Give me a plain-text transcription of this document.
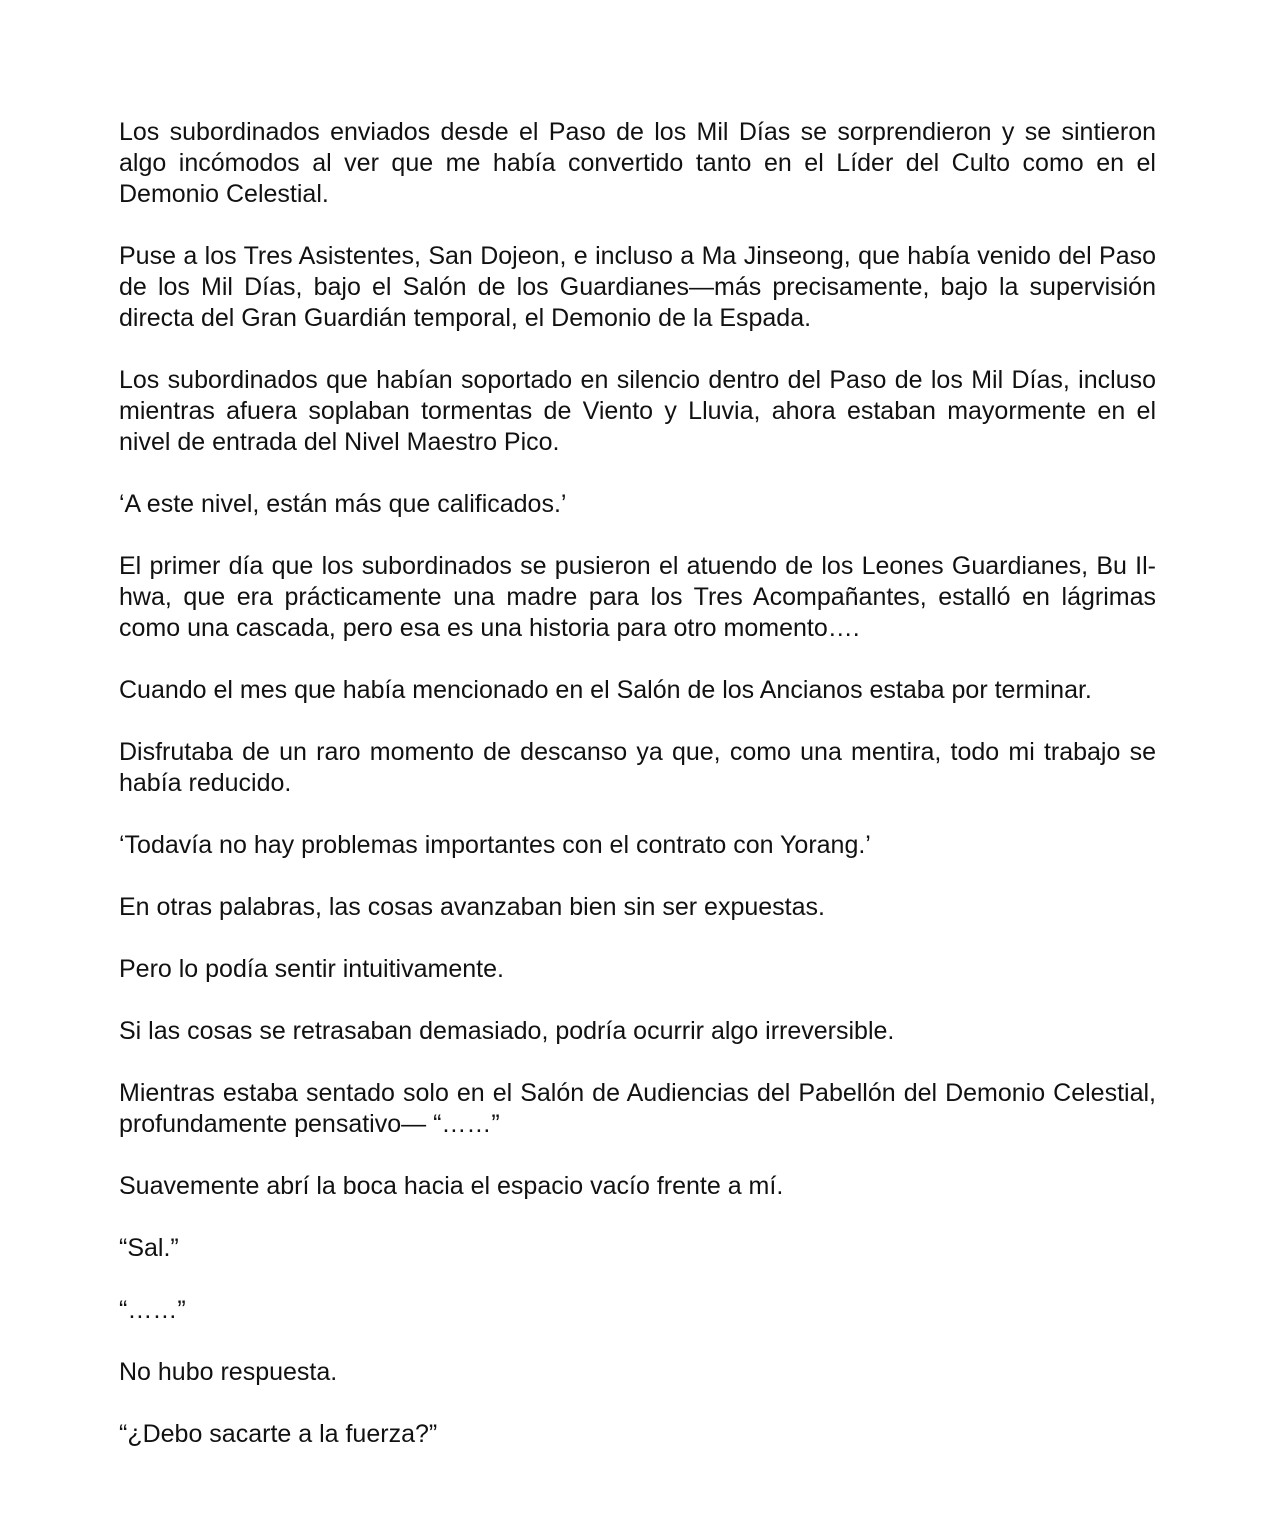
Los subordinados enviados desde el Paso de los Mil Días se sorprendieron y se sintieron algo incómodos al ver que me había convertido tanto en el Líder del Culto como en el Demonio Celestial.

Puse a los Tres Asistentes, San Dojeon, e incluso a Ma Jinseong, que había venido del Paso de los Mil Días, bajo el Salón de los Guardianes—más precisamente, bajo la supervisión directa del Gran Guardián temporal, el Demonio de la Espada.

Los subordinados que habían soportado en silencio dentro del Paso de los Mil Días, incluso mientras afuera soplaban tormentas de Viento y Lluvia, ahora estaban mayormente en el nivel de entrada del Nivel Maestro Pico.

‘A este nivel, están más que calificados.’

El primer día que los subordinados se pusieron el atuendo de los Leones Guardianes, Bu Il-hwa, que era prácticamente una madre para los Tres Acompañantes, estalló en lágrimas como una cascada, pero esa es una historia para otro momento….

Cuando el mes que había mencionado en el Salón de los Ancianos estaba por terminar.

Disfrutaba de un raro momento de descanso ya que, como una mentira, todo mi trabajo se había reducido.

‘Todavía no hay problemas importantes con el contrato con Yorang.’

En otras palabras, las cosas avanzaban bien sin ser expuestas.

Pero lo podía sentir intuitivamente.

Si las cosas se retrasaban demasiado, podría ocurrir algo irreversible.

Mientras estaba sentado solo en el Salón de Audiencias del Pabellón del Demonio Celestial, profundamente pensativo— “……”

Suavemente abrí la boca hacia el espacio vacío frente a mí.

“Sal.”

“……”

No hubo respuesta.

“¿Debo sacarte a la fuerza?”
